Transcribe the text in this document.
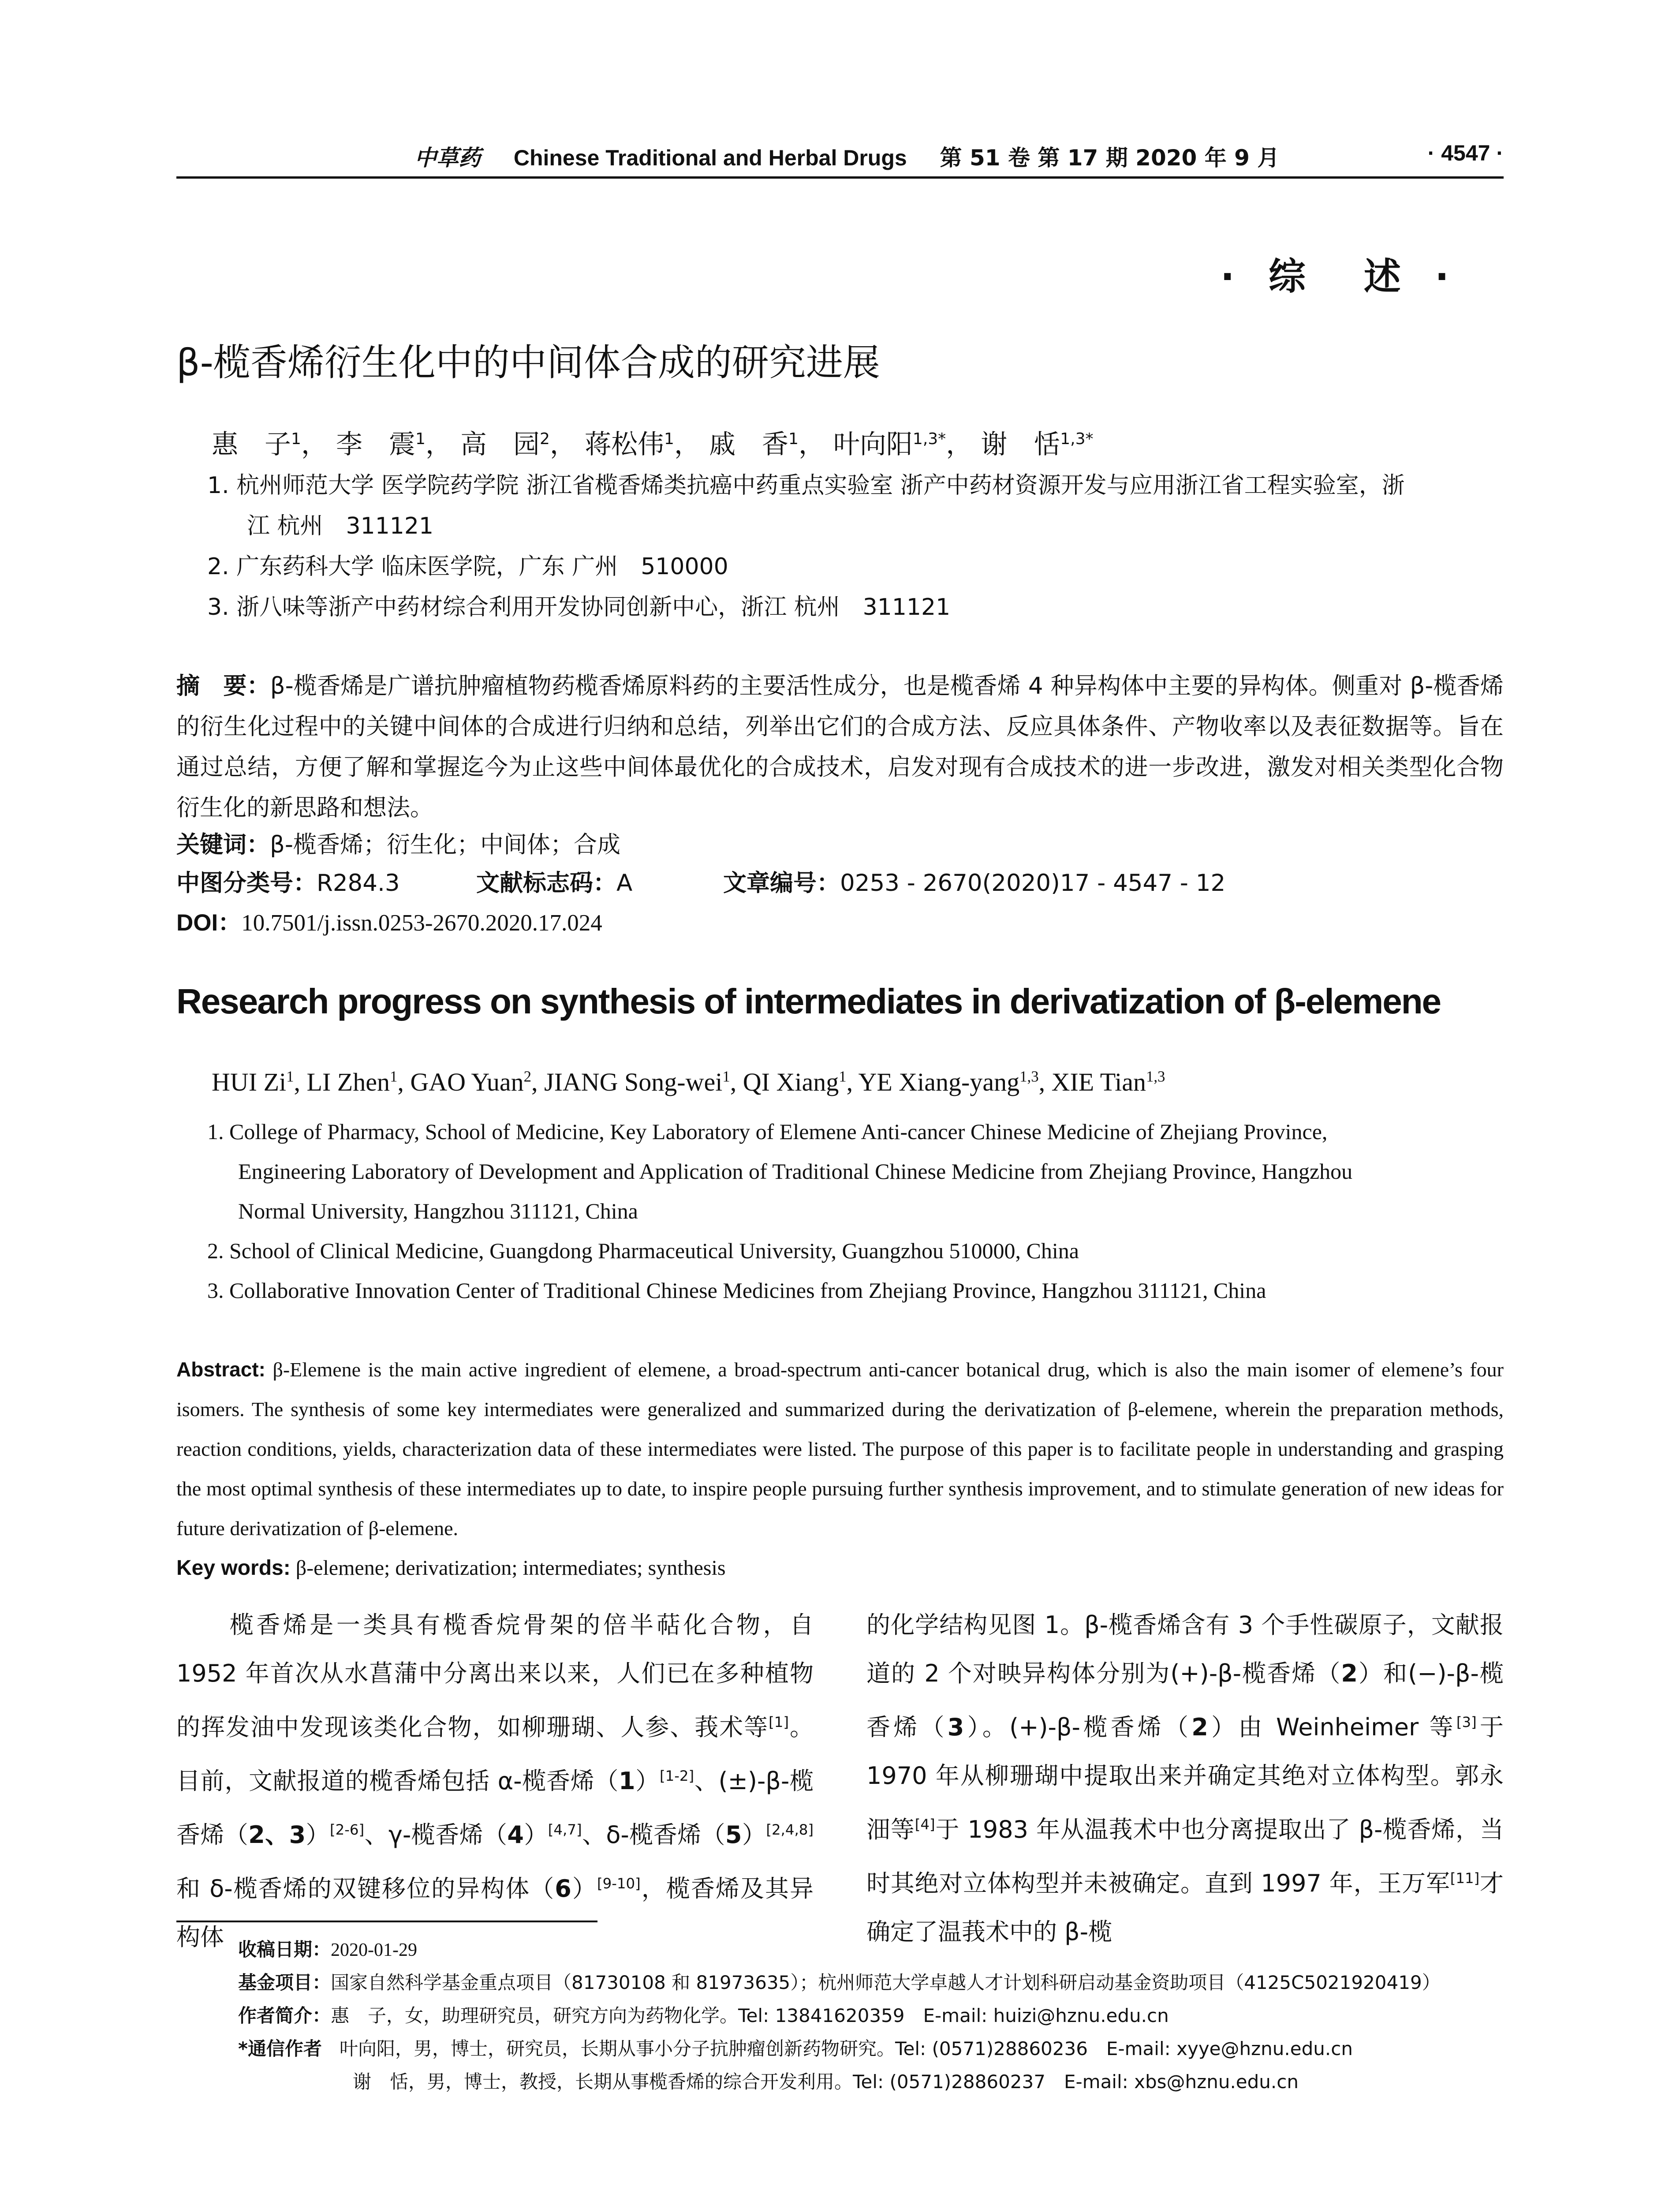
中草药 Chinese Traditional and Herbal Drugs 第 51 卷 第 17 期 2020 年 9 月	· 4547 ·
· 综　述 ·
β-榄香烯衍生化中的中间体合成的研究进展
惠　子$^1$， 李　震$^1$， 高　园$^2$， 蒋松伟$^1$， 戚　香$^1$， 叶向阳$^{1,3*}$， 谢　恬$^{1,3*}$
1. 杭州师范大学 医学院药学院 浙江省榄香烯类抗癌中药重点实验室 浙产中药材资源开发与应用浙江省工程实验室，浙
江 杭州　311121
2. 广东药科大学 临床医学院，广东 广州　510000
3. 浙八味等浙产中药材综合利用开发协同创新中心，浙江 杭州　311121
摘　要：β-榄香烯是广谱抗肿瘤植物药榄香烯原料药的主要活性成分，也是榄香烯 4 种异构体中主要的异构体。侧重对 β-榄香烯的衍生化过程中的关键中间体的合成进行归纳和总结，列举出它们的合成方法、反应具体条件、产物收率以及表征数据等。旨在通过总结，方便了解和掌握迄今为止这些中间体最优化的合成技术，启发对现有合成技术的进一步改进，激发对相关类型化合物衍生化的新思路和想法。
关键词：β-榄香烯；衍生化；中间体；合成
中图分类号：R284.3	文献标志码：A	文章编号：0253 - 2670(2020)17 - 4547 - 12
DOI：10.7501/j.issn.0253-2670.2020.17.024
Research progress on synthesis of intermediates in derivatization of β-elemene
HUI Zi$^1$, LI Zhen$^1$, GAO Yuan$^2$, JIANG Song-wei$^1$, QI Xiang$^1$, YE Xiang-yang$^{1,3}$, XIE Tian$^{1,3}$
1. College of Pharmacy, School of Medicine, Key Laboratory of Elemene Anti-cancer Chinese Medicine of Zhejiang Province,
Engineering Laboratory of Development and Application of Traditional Chinese Medicine from Zhejiang Province, Hangzhou
Normal University, Hangzhou 311121, China
2. School of Clinical Medicine, Guangdong Pharmaceutical University, Guangzhou 510000, China
3. Collaborative Innovation Center of Traditional Chinese Medicines from Zhejiang Province, Hangzhou 311121, China
Abstract: β-Elemene is the main active ingredient of elemene, a broad-spectrum anti-cancer botanical drug, which is also the main isomer of elemene’s four isomers. The synthesis of some key intermediates were generalized and summarized during the derivatization of β-elemene, wherein the preparation methods, reaction conditions, yields, characterization data of these intermediates were listed. The purpose of this paper is to facilitate people in understanding and grasping the most optimal synthesis of these intermediates up to date, to inspire people pursuing further synthesis improvement, and to stimulate generation of new ideas for future derivatization of β-elemene.
Key words: β-elemene; derivatization; intermediates; synthesis
　　榄香烯是一类具有榄香烷骨架的倍半萜化合物，自 1952 年首次从水菖蒲中分离出来以来，人们已在多种植物的挥发油中发现该类化合物，如柳珊瑚、人参、莪术等[1]。目前，文献报道的榄香烯包括 α-榄香烯（1）[1-2]、(±)-β-榄香烯（2、3）[2-6]、γ-榄香烯（4）[4,7]、δ-榄香烯（5）[2,4,8]和 δ-榄香烯的双键移位的异构体（6）[9-10]，榄香烯及其异构体
的化学结构见图 1。β-榄香烯含有 3 个手性碳原子，文献报道的 2 个对映异构体分别为(+)-β-榄香烯（2）和(−)-β-榄香烯（3）。(+)-β-榄香烯（2）由 Weinheimer 等[3]于 1970 年从柳珊瑚中提取出来并确定其绝对立体构型。郭永沺等[4]于 1983 年从温莪术中也分离提取出了 β-榄香烯，当时其绝对立体构型并未被确定。直到 1997 年，王万军[11]才确定了温莪术中的 β-榄
收稿日期：2020-01-29
基金项目：国家自然科学基金重点项目（81730108 和 81973635）；杭州师范大学卓越人才计划科研启动基金资助项目（4125C5021920419）
作者简介：惠　子，女，助理研究员，研究方向为药物化学。Tel: 13841620359　E-mail: huizi@hznu.edu.cn
*通信作者 叶向阳，男，博士，研究员，长期从事小分子抗肿瘤创新药物研究。Tel: (0571)28860236　E-mail: xyye@hznu.edu.cn
谢　恬，男，博士，教授，长期从事榄香烯的综合开发利用。Tel: (0571)28860237　E-mail: xbs@hznu.edu.cn
